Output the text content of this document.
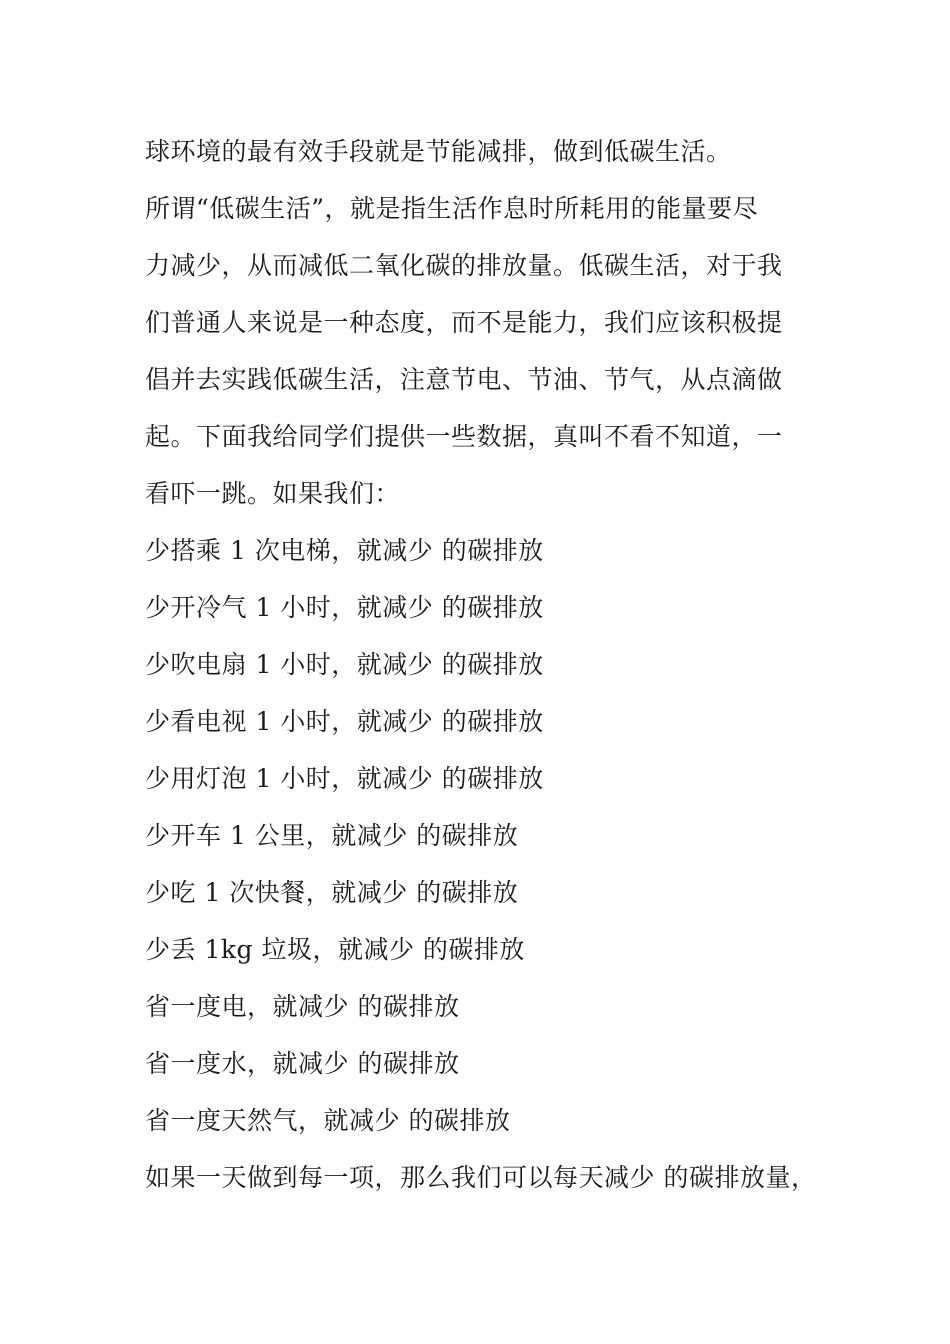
球环境的最有效手段就是节能减排，做到低碳生活。
所谓“低碳生活”，就是指生活作息时所耗用的能量要尽
力减少，从而减低二氧化碳的排放量。低碳生活，对于我
们普通人来说是一种态度，而不是能力，我们应该积极提
倡并去实践低碳生活，注意节电、节油、节气，从点滴做
起。下面我给同学们提供一些数据，真叫不看不知道，一
看吓一跳。如果我们：
少搭乘 1 次电梯，就减少 的碳排放
少开冷气 1 小时，就减少 的碳排放
少吹电扇 1 小时，就减少 的碳排放
少看电视 1 小时，就减少 的碳排放
少用灯泡 1 小时，就减少 的碳排放
少开车 1 公里，就减少 的碳排放
少吃 1 次快餐，就减少 的碳排放
少丢 1kg 垃圾，就减少 的碳排放
省一度电，就减少 的碳排放
省一度水，就减少 的碳排放
省一度天然气，就减少 的碳排放
如果一天做到每一项，那么我们可以每天减少 的碳排放量，
